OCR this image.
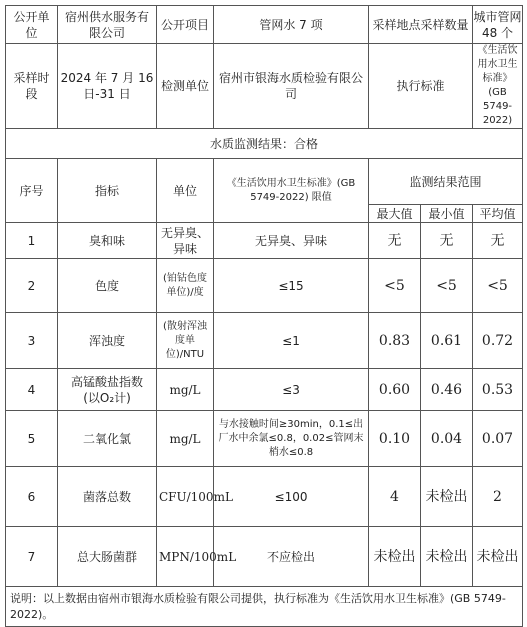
公开单位	宿州供水服务有限公司	公开项目	管网水 7 项	采样地点采样数量		城市管网
48 个

采样时段	2024 年 7 月 16 日-31 日	检测单位	宿州市银海水质检验有限公司	执行标准		《生活饮用水卫生标准》(GB 5749-2022)
水质监测结果：合格						
序号	指标	单位	《生活饮用水卫生标准》(GB 5749-2022) 限值	监测结果范围		
				最大值	最小值	平均值
1	臭和味	无异臭、异味	无异臭、异味	无	无	无
2	色度	(铂钴色度单位)/度	≤15	<5	<5	<5
3	浑浊度	(散射浑浊度单位)/NTU	≤1	0.83	0.61	0.72
4	高锰酸盐指数
(以O₂计)	mg/L	≤3	0.60	0.46	0.53
5	二氧化氯	mg/L	与水接触时间≥30min，0.1≤出厂水中余氯≤0.8，0.02≤管网末梢水≤0.8	0.10	0.04	0.07
6	菌落总数	CFU/100mL	≤100	4	未检出	2
7	总大肠菌群	MPN/100mL	不应检出	未检出	未检出	未检出
说明：以上数据由宿州市银海水质检验有限公司提供，执行标准为《生活饮用水卫生标准》(GB 5749-2022)。						
